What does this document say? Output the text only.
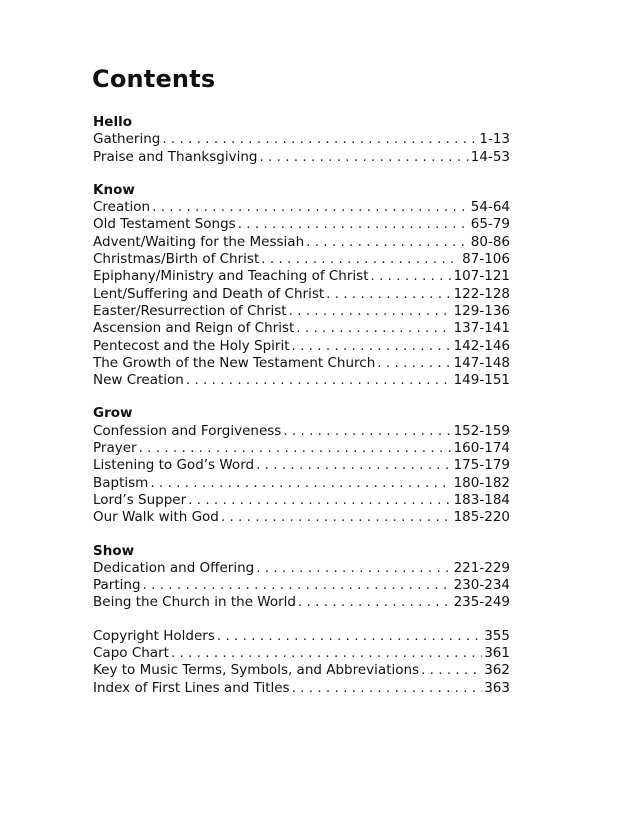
Contents
Hello
Gathering . . .	1-13
Praise and Thanksgiving . . .	14-53
Know
Creation . . .	54-64
Old Testament Songs . . .	65-79
Advent/Waiting for the Messiah . . .	80-86
Christmas/Birth of Christ . . .	87-106
Epiphany/Ministry and Teaching of Christ . . .	107-121
Lent/Suffering and Death of Christ . . .	122-128
Easter/Resurrection of Christ . . .	129-136
Ascension and Reign of Christ . . .	137-141
Pentecost and the Holy Spirit . . .	142-146
The Growth of the New Testament Church . . .	147-148
New Creation . . .	149-151
Grow
Confession and Forgiveness . . .	152-159
Prayer . . .	160-174
Listening to God’s Word . . .	175-179
Baptism . . .	180-182
Lord’s Supper . . .	183-184
Our Walk with God . . .	185-220
Show
Dedication and Offering . . .	221-229
Parting . . .	230-234
Being the Church in the World . . .	235-249
Copyright Holders . . .	355
Capo Chart . . .	361
Key to Music Terms, Symbols, and Abbreviations . . .	362
Index of First Lines and Titles . . .	363
